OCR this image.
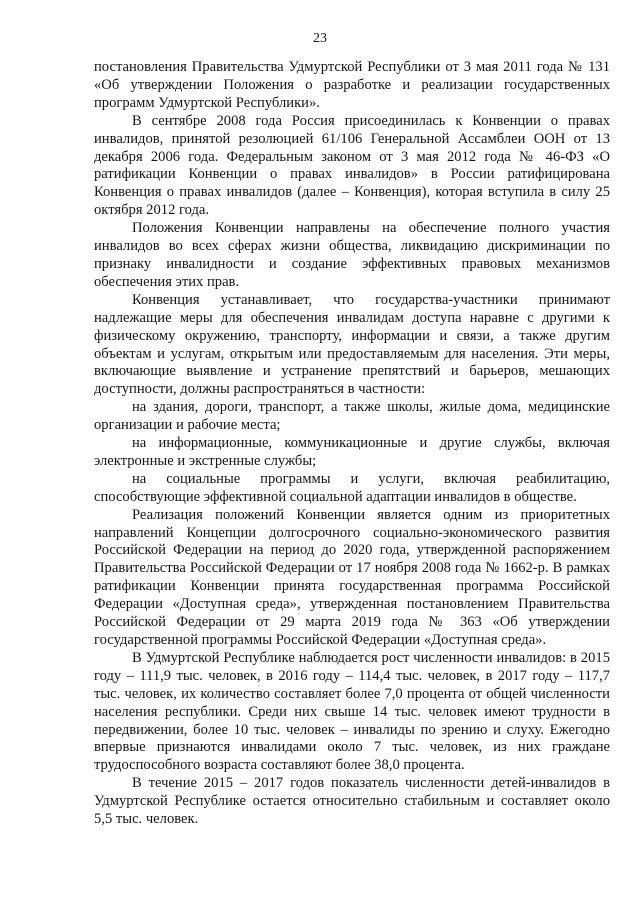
23

постановления Правительства Удмуртской Республики от 3 мая 2011 года № 131 «Об утверждении Положения о разработке и реализации государственных программ Удмуртской Республики».

В сентябре 2008 года Россия присоединилась к Конвенции о правах инвалидов, принятой резолюцией 61/106 Генеральной Ассамблеи ООН от 13 декабря 2006 года. Федеральным законом от 3 мая 2012 года № 46-ФЗ «О ратификации Конвенции о правах инвалидов» в России ратифицирована Конвенция о правах инвалидов (далее – Конвенция), которая вступила в силу 25 октября 2012 года.

Положения Конвенции направлены на обеспечение полного участия инвалидов во всех сферах жизни общества, ликвидацию дискриминации по признаку инвалидности и создание эффективных правовых механизмов обеспечения этих прав.

Конвенция устанавливает, что государства-участники принимают надлежащие меры для обеспечения инвалидам доступа наравне с другими к физическому окружению, транспорту, информации и связи, а также другим объектам и услугам, открытым или предоставляемым для населения. Эти меры, включающие выявление и устранение препятствий и барьеров, мешающих доступности, должны распространяться в частности:

на здания, дороги, транспорт, а также школы, жилые дома, медицинские организации и рабочие места;

на информационные, коммуникационные и другие службы, включая электронные и экстренные службы;

на социальные программы и услуги, включая реабилитацию, способствующие эффективной социальной адаптации инвалидов в обществе.

Реализация положений Конвенции является одним из приоритетных направлений Концепции долгосрочного социально-экономического развития Российской Федерации на период до 2020 года, утвержденной распоряжением Правительства Российской Федерации от 17 ноября 2008 года № 1662-р. В рамках ратификации Конвенции принята государственная программа Российской Федерации «Доступная среда», утвержденная постановлением Правительства Российской Федерации от 29 марта 2019 года № 363 «Об утверждении государственной программы Российской Федерации «Доступная среда».

В Удмуртской Республике наблюдается рост численности инвалидов: в 2015 году – 111,9 тыс. человек, в 2016 году – 114,4 тыс. человек, в 2017 году – 117,7 тыс. человек, их количество составляет более 7,0 процента от общей численности населения республики. Среди них свыше 14 тыс. человек имеют трудности в передвижении, более 10 тыс. человек – инвалиды по зрению и слуху. Ежегодно впервые признаются инвалидами около 7 тыс. человек, из них граждане трудоспособного возраста составляют более 38,0 процента.

В течение 2015 – 2017 годов показатель численности детей-инвалидов в Удмуртской Республике остается относительно стабильным и составляет около 5,5 тыс. человек.
